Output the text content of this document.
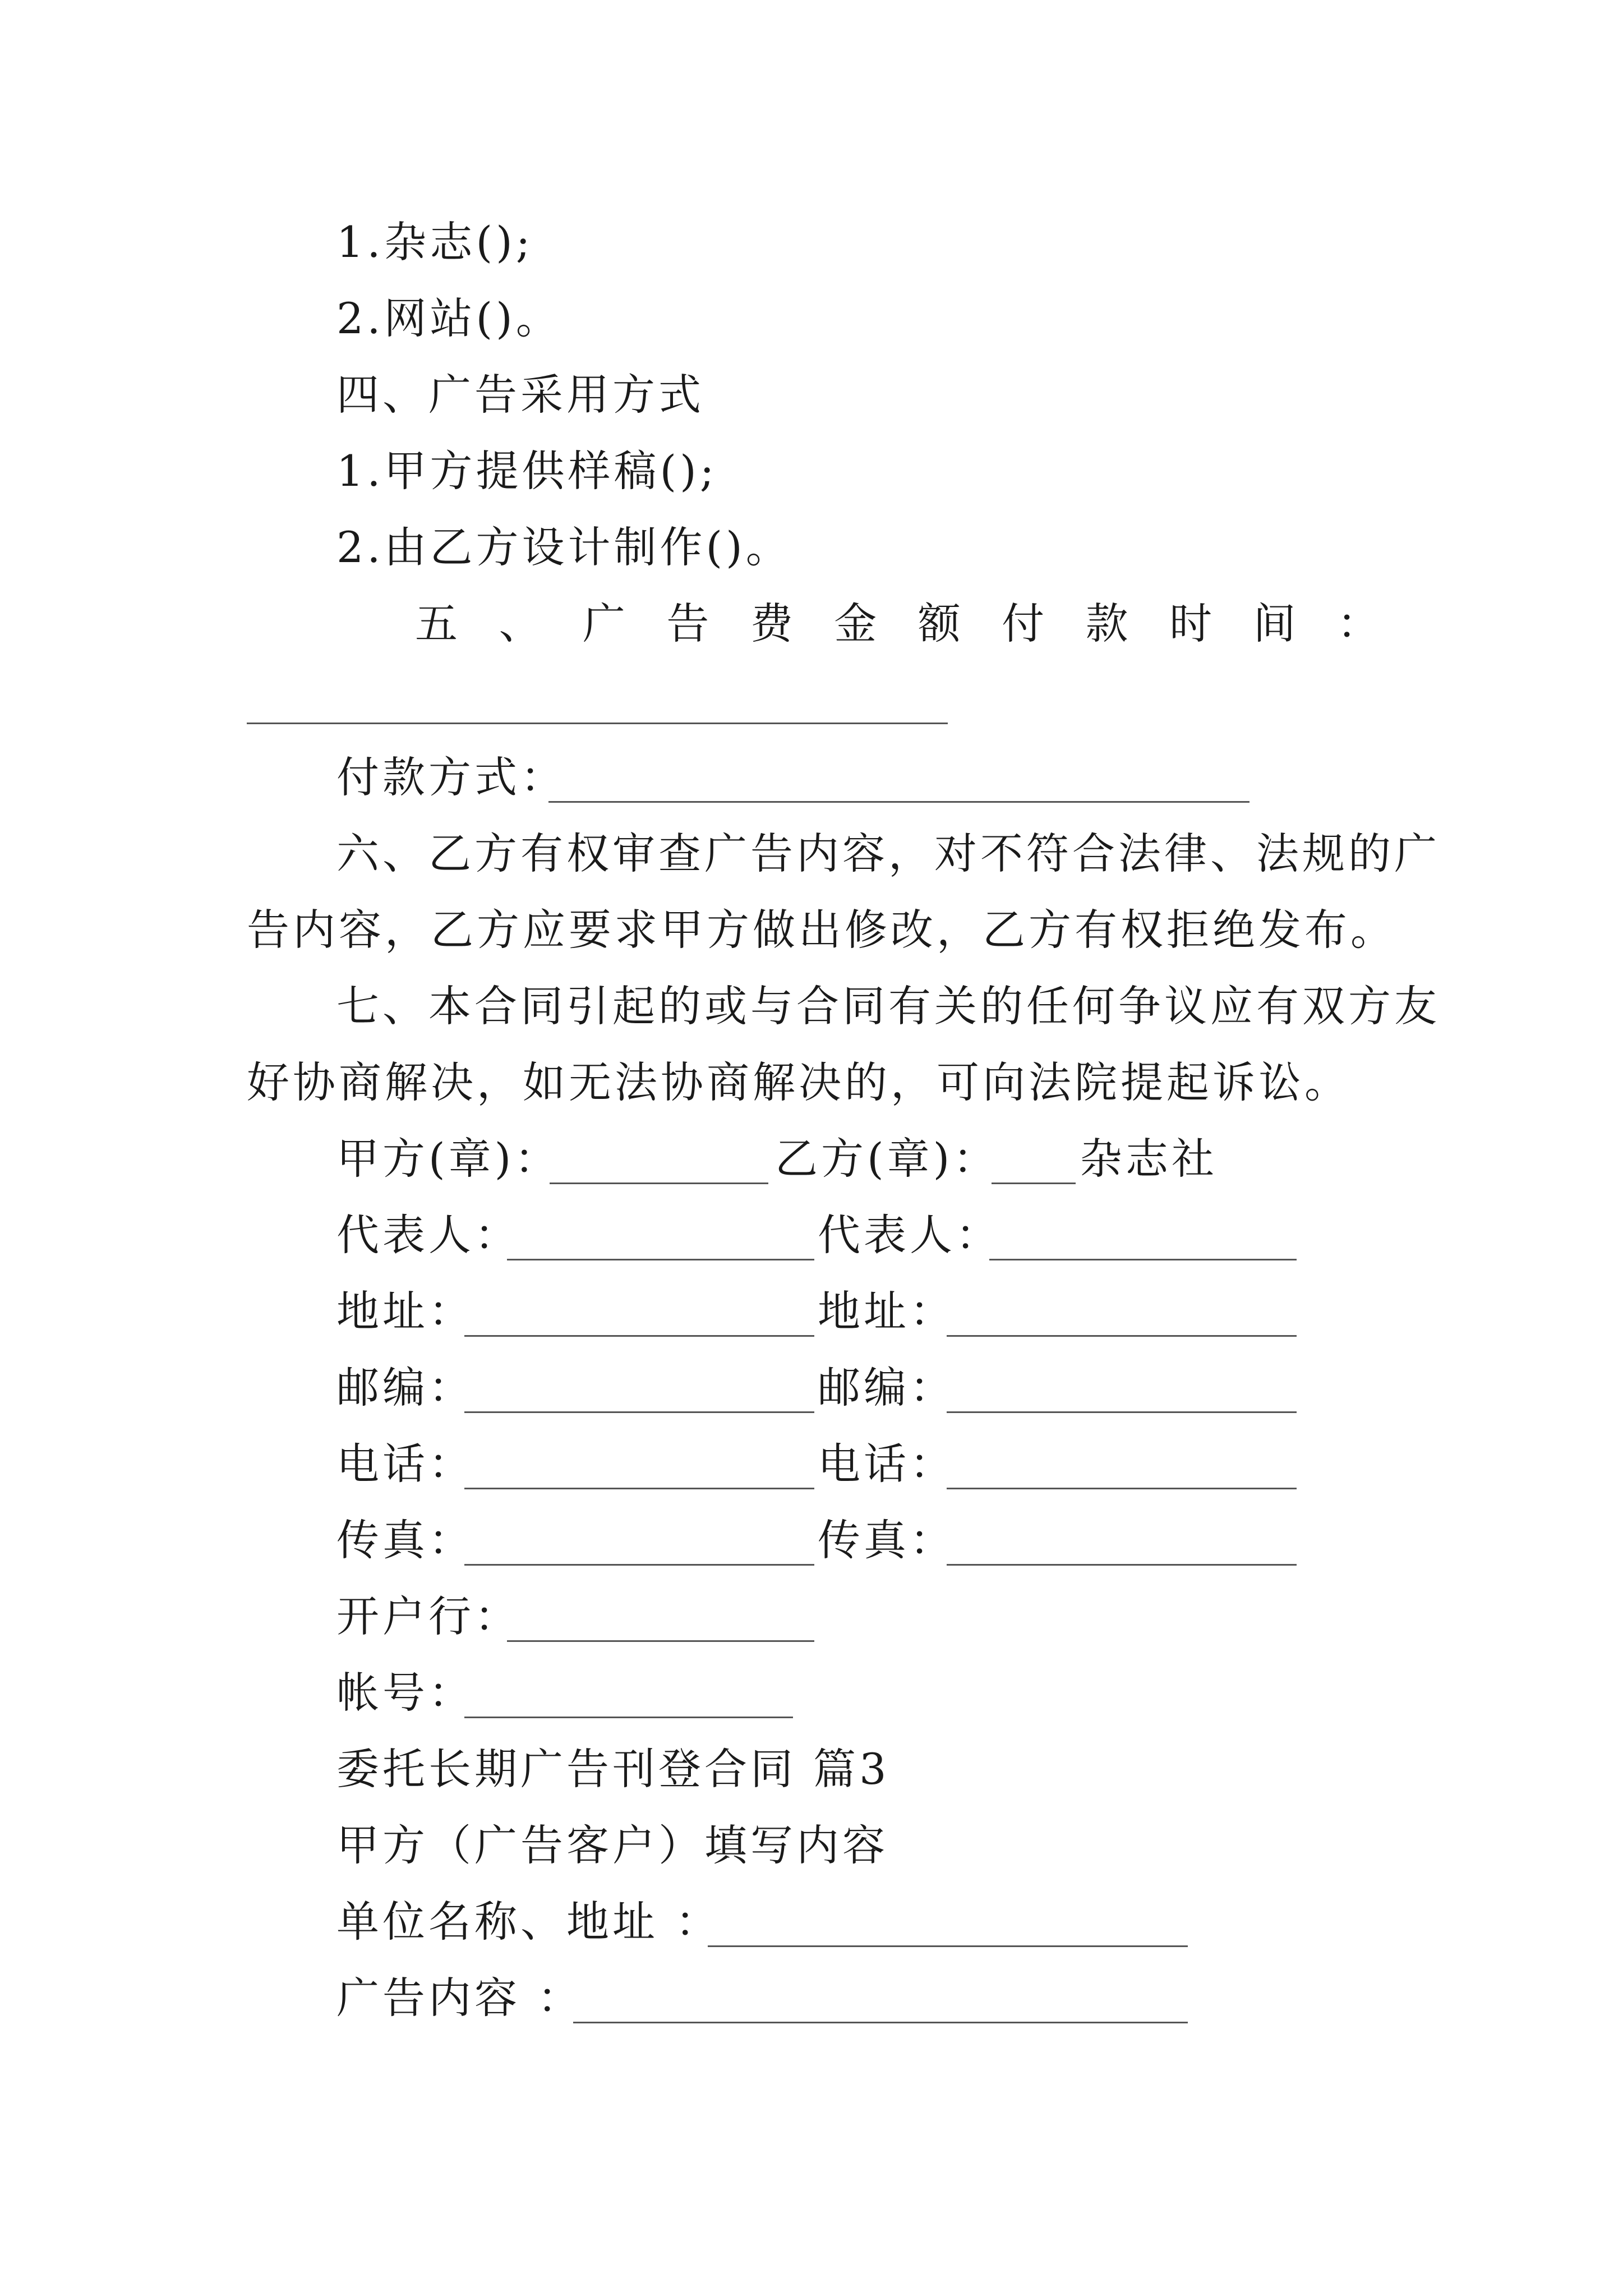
1.杂志();
2.网站()。
四、广告采用方式
1.甲方提供样稿();
2.由乙方设计制作()。
五 、 广 告 费 金 额 付 款 时 间 ：
付款方式：
六、乙方有权审查广告内容，对不符合法律、法规的广
告内容，乙方应要求甲方做出修改，乙方有权拒绝发布。
七、本合同引起的或与合同有关的任何争议应有双方友
好协商解决，如无法协商解决的，可向法院提起诉讼。
甲方(章)：	乙方(章)： 杂志社
代表人：	代表人：
地址：	地址：
邮编：	邮编：
电话：	电话：
传真：	传真：
开户行：
帐号：
委托长期广告刊登合同 篇3
甲方（广告客户）填写内容
单位名称、地址 ：
广告内容 ：
